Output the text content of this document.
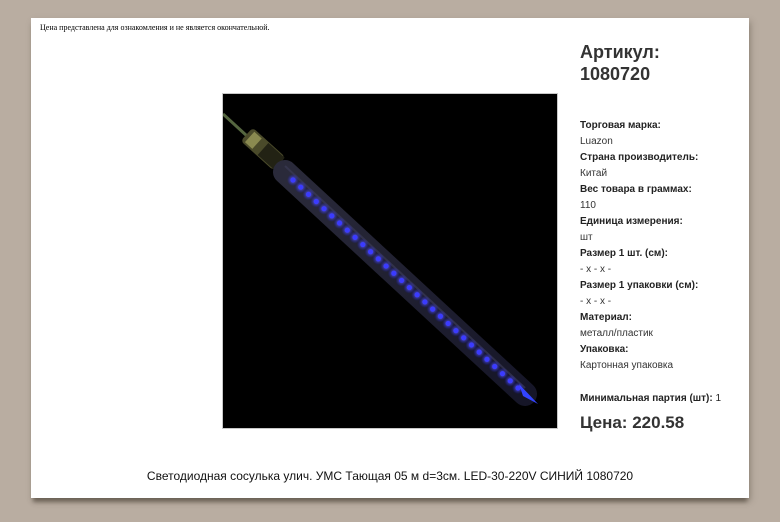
Цена представлена для ознакомления и не является окончательной.
Артикул:
1080720
Торговая марка:
Luazon
Страна производитель:
Китай
Вес товара в граммах:
110
Единица измерения:
шт
Размер 1 шт. (см):
- x - x -
Размер 1 упаковки (см):
- x - x -
Материал:
металл/пластик
Упаковка:
Картонная упаковка
Минимальная партия (шт): 1
Цена: 220.58
Светодиодная сосулька улич. УМС Тающая 05 м d=3см. LED-30-220V СИНИЙ 1080720
